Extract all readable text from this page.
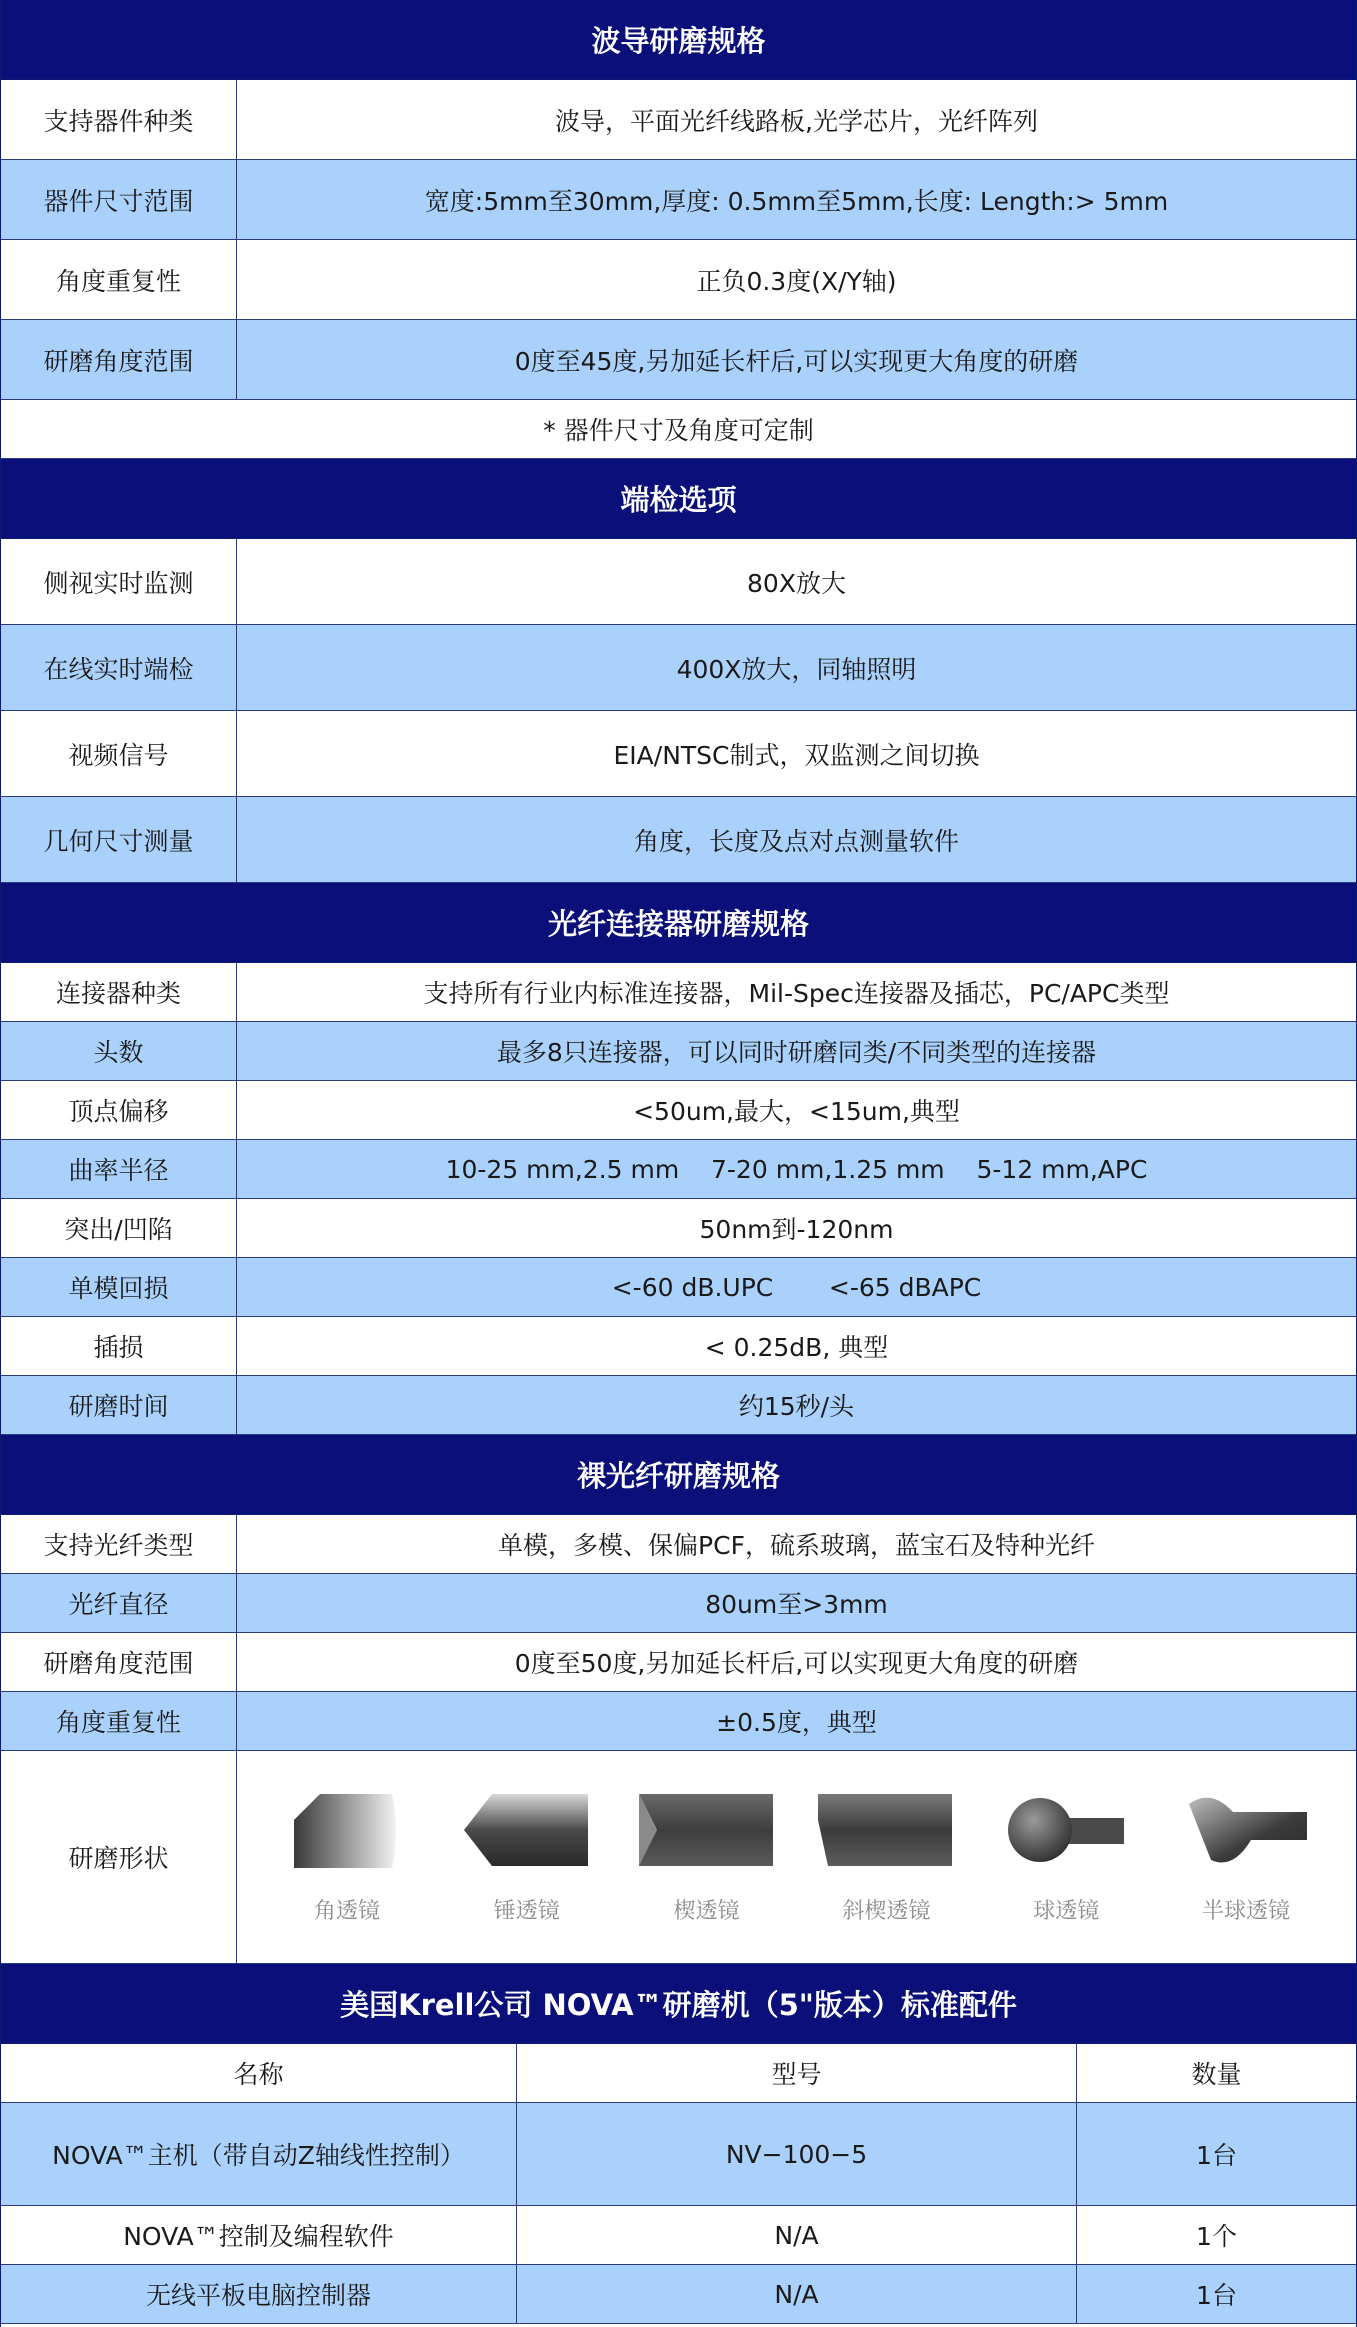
波导研磨规格
支持器件种类	波导，平面光纤线路板,光学芯片，光纤阵列
器件尺寸范围	宽度:5mm至30mm,厚度: 0.5mm至5mm,长度: Length:> 5mm
角度重复性	正负0.3度(X/Y轴)
研磨角度范围	0度至45度,另加延长杆后,可以实现更大角度的研磨
* 器件尺寸及角度可定制
端检选项
侧视实时监测	80X放大
在线实时端检	400X放大，同轴照明
视频信号	EIA/NTSC制式，双监测之间切换
几何尺寸测量	角度，长度及点对点测量软件
光纤连接器研磨规格
连接器种类	支持所有行业内标准连接器，Mil-Spec连接器及插芯，PC/APC类型
头数	最多8只连接器，可以同时研磨同类/不同类型的连接器
顶点偏移	<50um,最大，<15um,典型
曲率半径	10-25 mm,2.5 mm    7-20 mm,1.25 mm    5-12 mm,APC
突出/凹陷	50nm到-120nm
单模回损	<-60 dB.UPC       <-65 dBAPC
插损	< 0.25dB, 典型
研磨时间	约15秒/头
裸光纤研磨规格
支持光纤类型	单模，多模、保偏PCF，硫系玻璃，蓝宝石及特种光纤
光纤直径	80um至>3mm
研磨角度范围	0度至50度,另加延长杆后,可以实现更大角度的研磨
角度重复性	±0.5度，典型
研磨形状
角透镜	锤透镜	楔透镜	斜楔透镜	球透镜	半球透镜
美国Krell公司 NOVA™研磨机（5"版本）标准配件
名称	型号	数量
NOVA™主机（带自动Z轴线性控制）	NV−100−5	1台
NOVA™控制及编程软件	N/A	1个
无线平板电脑控制器	N/A	1台
